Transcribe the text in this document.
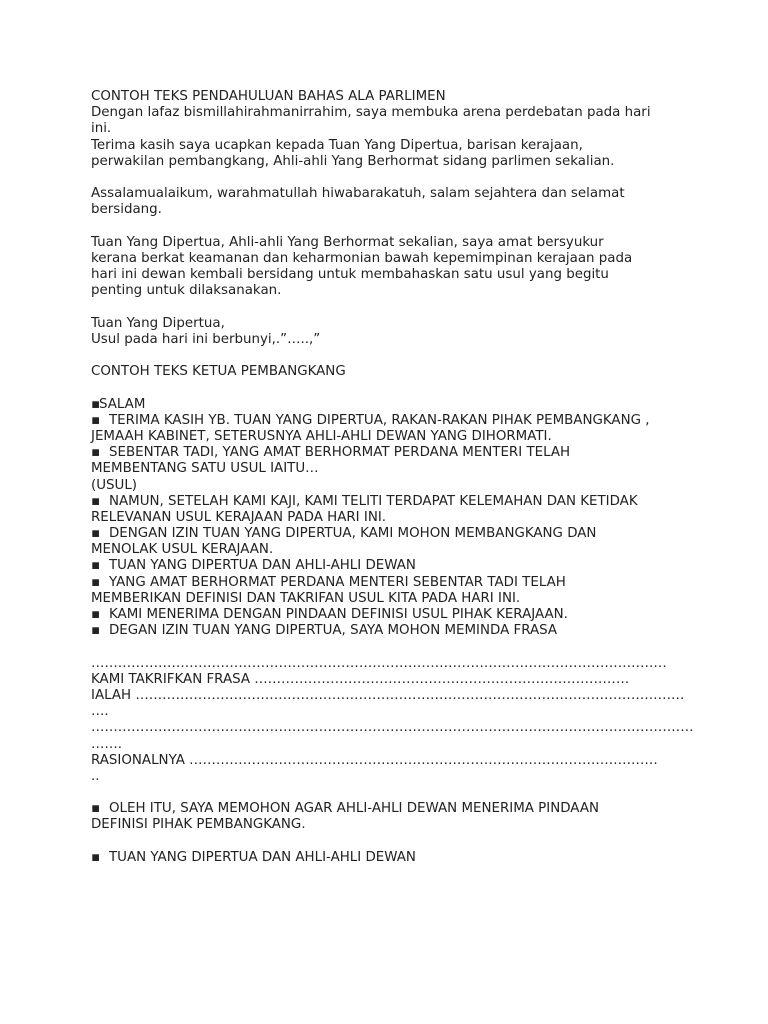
CONTOH TEKS PENDAHULUAN BAHAS ALA PARLIMEN
Dengan lafaz bismillahirahmanirrahim, saya membuka arena perdebatan pada hari
ini.
Terima kasih saya ucapkan kepada Tuan Yang Dipertua, barisan kerajaan,
perwakilan pembangkang, Ahli-ahli Yang Berhormat sidang parlimen sekalian.
Assalamualaikum, warahmatullah hiwabarakatuh, salam sejahtera dan selamat
bersidang.
Tuan Yang Dipertua, Ahli-ahli Yang Berhormat sekalian, saya amat bersyukur
kerana berkat keamanan dan keharmonian bawah kepemimpinan kerajaan pada
hari ini dewan kembali bersidang untuk membahaskan satu usul yang begitu
penting untuk dilaksanakan.
Tuan Yang Dipertua,
Usul pada hari ini berbunyi,.”…..,”
CONTOH TEKS KETUA PEMBANGKANG
▪SALAM
▪ TERIMA KASIH YB. TUAN YANG DIPERTUA, RAKAN-RAKAN PIHAK PEMBANGKANG ,
JEMAAH KABINET, SETERUSNYA AHLI-AHLI DEWAN YANG DIHORMATI.
▪ SEBENTAR TADI, YANG AMAT BERHORMAT PERDANA MENTERI TELAH
MEMBENTANG SATU USUL IAITU…
(USUL)
▪ NAMUN, SETELAH KAMI KAJI, KAMI TELITI TERDAPAT KELEMAHAN DAN KETIDAK
RELEVANAN USUL KERAJAAN PADA HARI INI.
▪ DENGAN IZIN TUAN YANG DIPERTUA, KAMI MOHON MEMBANGKANG DAN
MENOLAK USUL KERAJAAN.
▪ TUAN YANG DIPERTUA DAN AHLI-AHLI DEWAN
▪ YANG AMAT BERHORMAT PERDANA MENTERI SEBENTAR TADI TELAH
MEMBERIKAN DEFINISI DAN TAKRIFAN USUL KITA PADA HARI INI.
▪ KAMI MENERIMA DENGAN PINDAAN DEFINISI USUL PIHAK KERAJAAN.
▪ DEGAN IZIN TUAN YANG DIPERTUA, SAYA MOHON MEMINDA FRASA
…………………………………………………………………………………………………………………
KAMI TAKRIFKAN FRASA …………………………………………………………………………
IALAH ……………………………………………………………………………………………………………
….
………………………………………………………………………………………………………………………
…….
RASIONALNYA ……………………………………………………………………………………………
..
▪ OLEH ITU, SAYA MEMOHON AGAR AHLI-AHLI DEWAN MENERIMA PINDAAN
DEFINISI PIHAK PEMBANGKANG.
▪ TUAN YANG DIPERTUA DAN AHLI-AHLI DEWAN
